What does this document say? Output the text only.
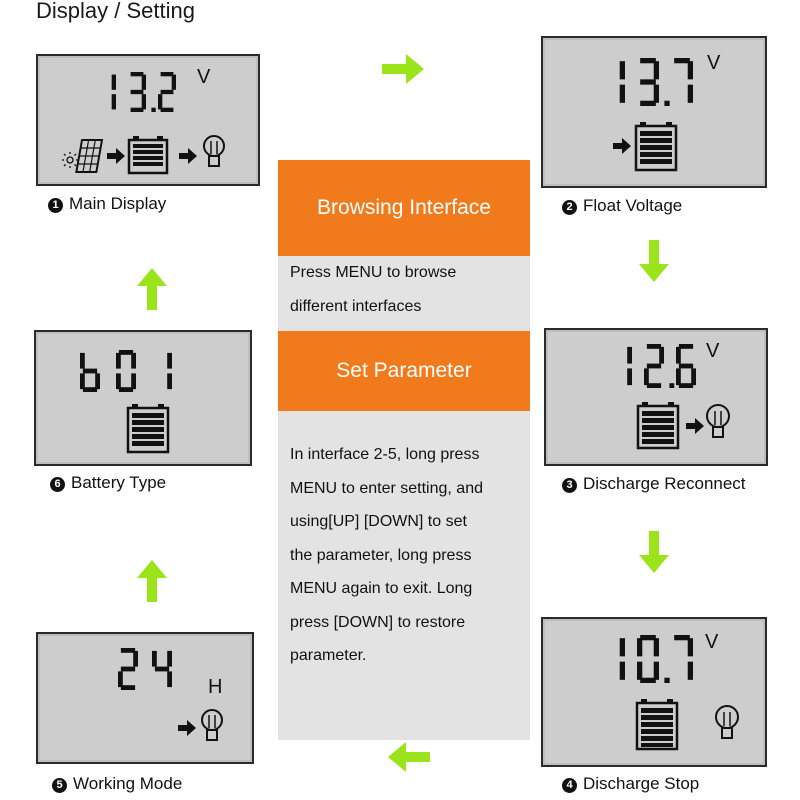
Display / Setting
V
1 Main Display
V
2 Float Voltage
V
3 Discharge Reconnect
V
4 Discharge Stop
H
5 Working Mode
6 Battery Type
Browsing Interface
Press MENU to browse
different interfaces
Set Parameter
In interface 2-5, long press
MENU to enter setting, and
using[UP] [DOWN] to set
the parameter, long press
MENU again to exit. Long
press [DOWN] to restore
parameter.
